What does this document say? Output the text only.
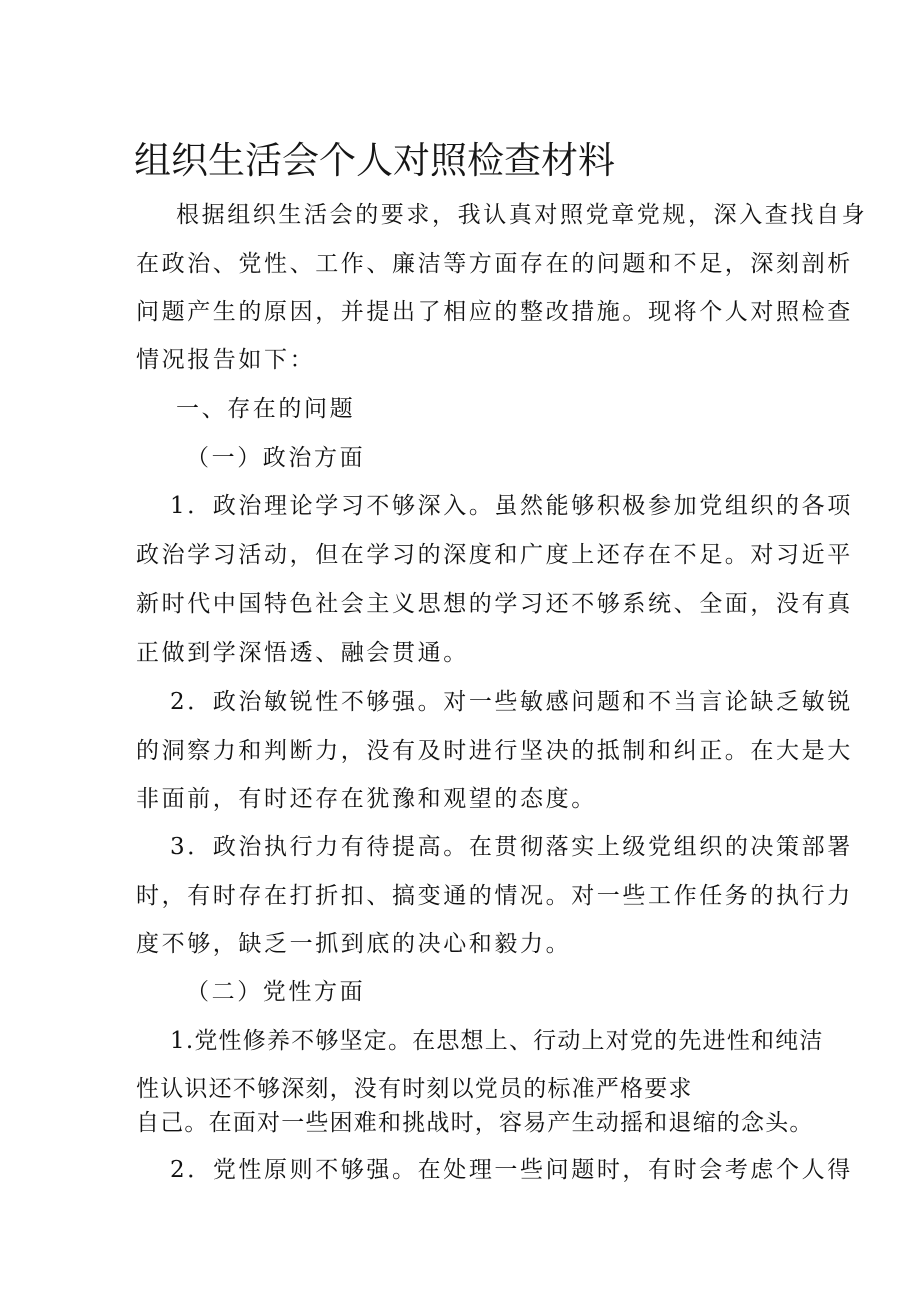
组织生活会个人对照检查材料
根据组织生活会的要求，我认真对照党章党规，深入查找自身
在政治、党性、工作、廉洁等方面存在的问题和不足，深刻剖析
问题产生的原因，并提出了相应的整改措施。现将个人对照检查
情况报告如下：
一、存在的问题
（一）政治方面
1．政治理论学习不够深入。虽然能够积极参加党组织的各项
政治学习活动，但在学习的深度和广度上还存在不足。对习近平
新时代中国特色社会主义思想的学习还不够系统、全面，没有真
正做到学深悟透、融会贯通。
2．政治敏锐性不够强。对一些敏感问题和不当言论缺乏敏锐
的洞察力和判断力，没有及时进行坚决的抵制和纠正。在大是大
非面前，有时还存在犹豫和观望的态度。
3．政治执行力有待提高。在贯彻落实上级党组织的决策部署
时，有时存在打折扣、搞变通的情况。对一些工作任务的执行力
度不够，缺乏一抓到底的决心和毅力。
（二）党性方面
1.党性修养不够坚定。在思想上、行动上对党的先进性和纯洁
性认识还不够深刻，没有时刻以党员的标准严格要求
自己。在面对一些困难和挑战时，容易产生动摇和退缩的念头。
2．党性原则不够强。在处理一些问题时，有时会考虑个人得
